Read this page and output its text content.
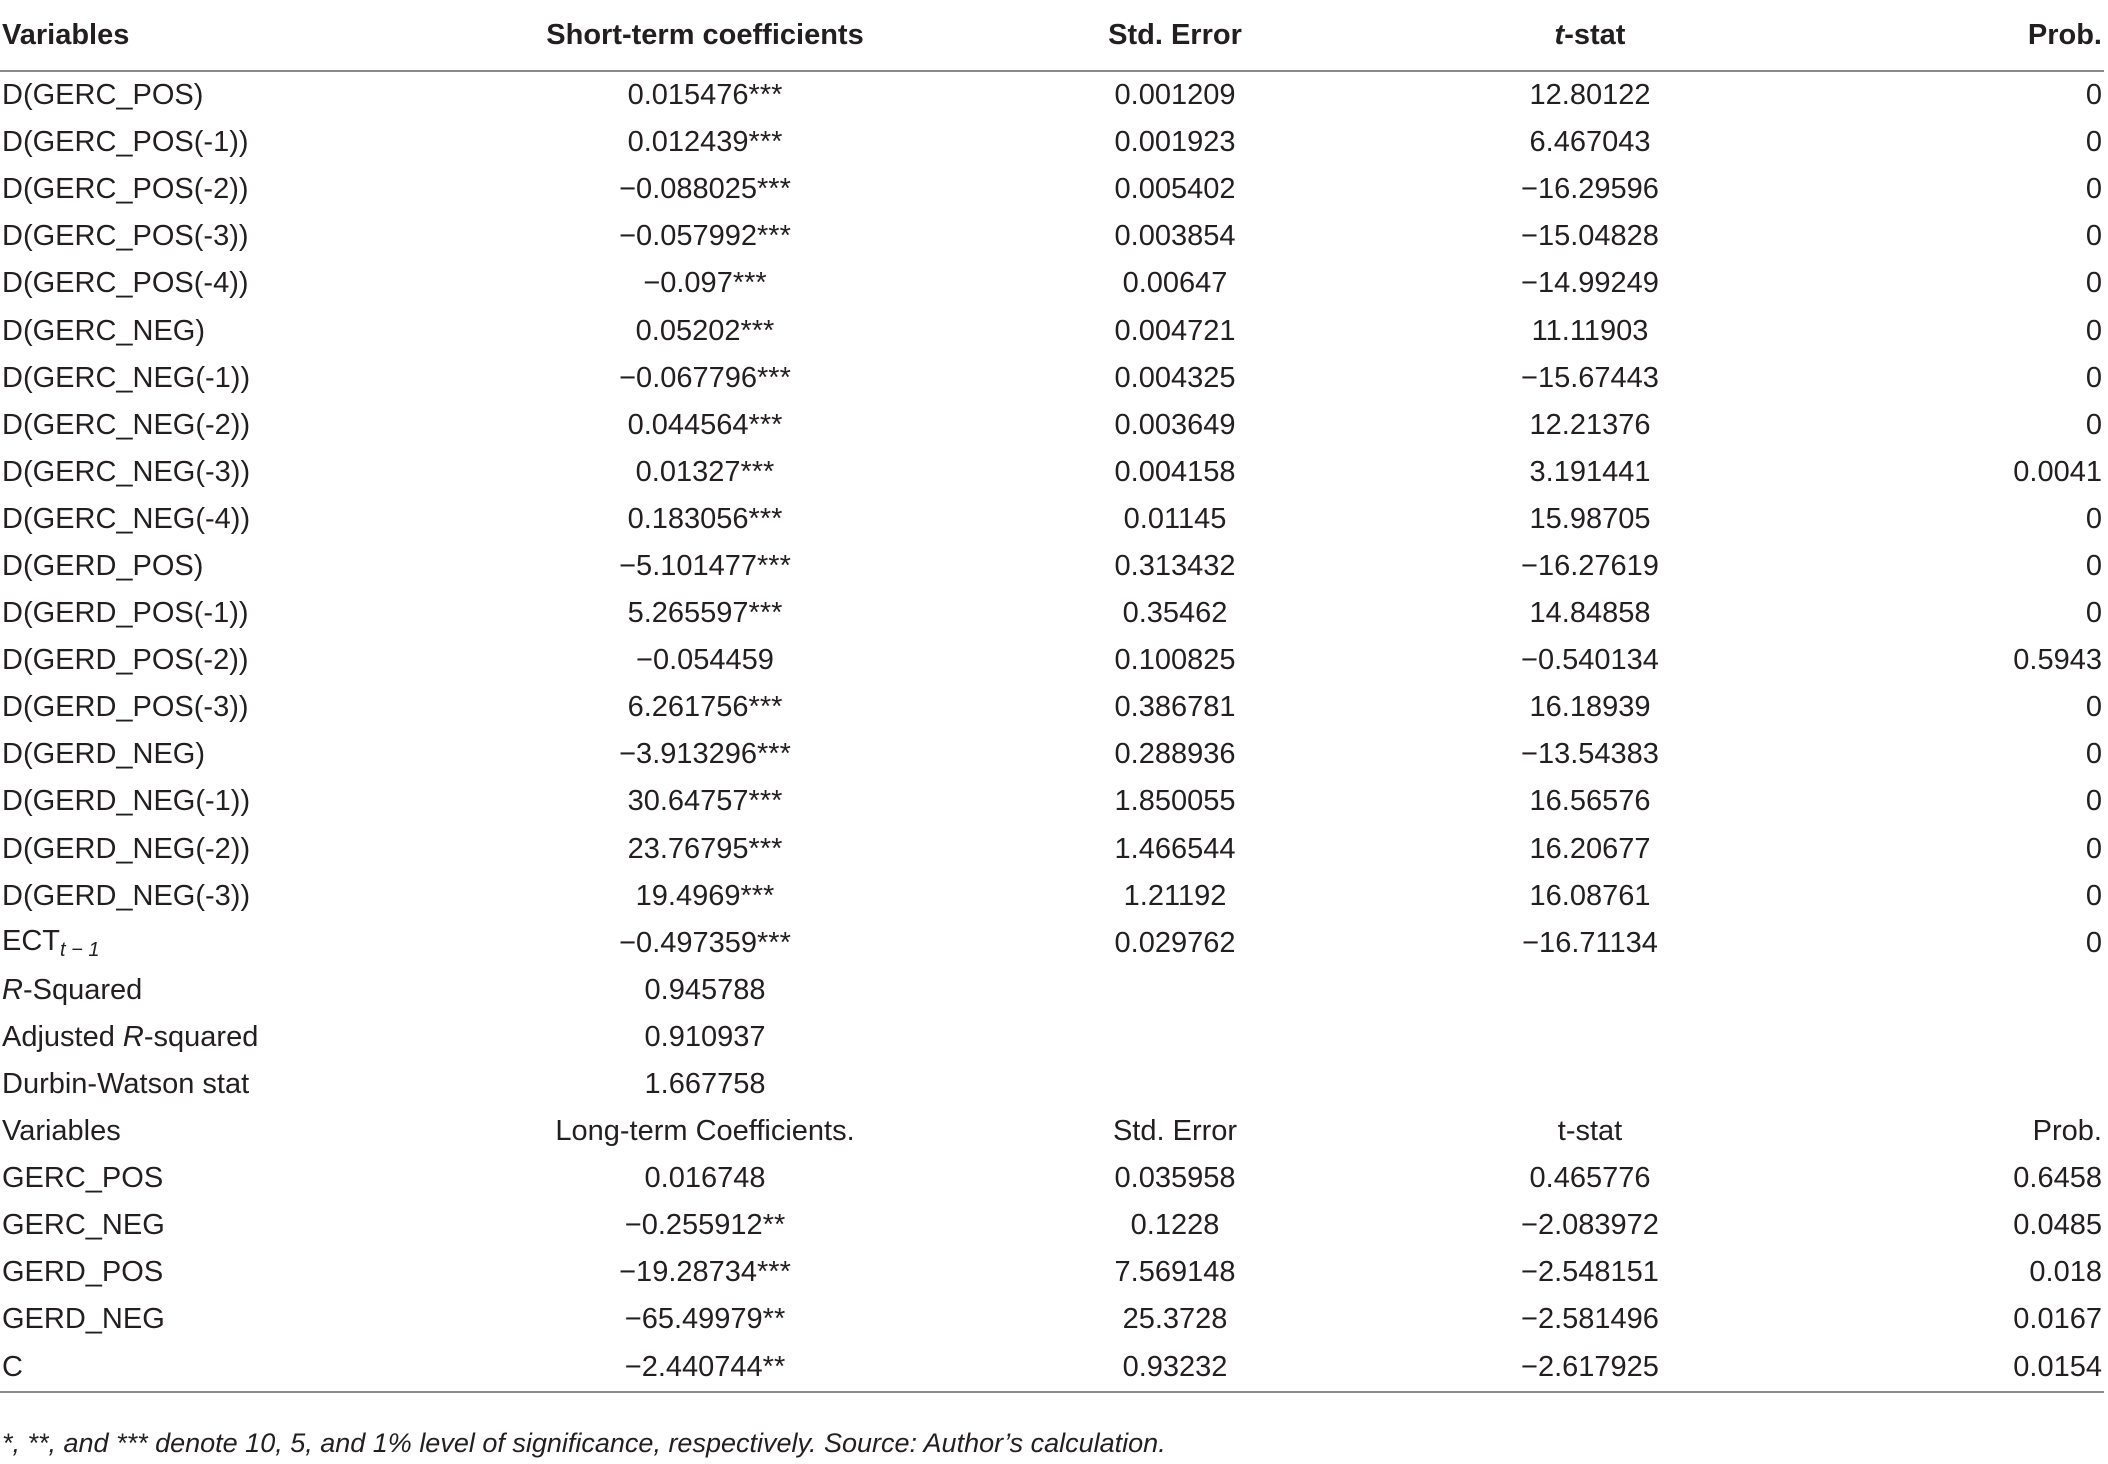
Variables	Short-term coefficients	Std. Error	t-stat	Prob.
D(GERC_POS)	0.015476***	0.001209	12.80122	0
D(GERC_POS(-1))	0.012439***	0.001923	6.467043	0
D(GERC_POS(-2))	−0.088025***	0.005402	−16.29596	0
D(GERC_POS(-3))	−0.057992***	0.003854	−15.04828	0
D(GERC_POS(-4))	−0.097***	0.00647	−14.99249	0
D(GERC_NEG)	0.05202***	0.004721	11.11903	0
D(GERC_NEG(-1))	−0.067796***	0.004325	−15.67443	0
D(GERC_NEG(-2))	0.044564***	0.003649	12.21376	0
D(GERC_NEG(-3))	0.01327***	0.004158	3.191441	0.0041
D(GERC_NEG(-4))	0.183056***	0.01145	15.98705	0
D(GERD_POS)	−5.101477***	0.313432	−16.27619	0
D(GERD_POS(-1))	5.265597***	0.35462	14.84858	0
D(GERD_POS(-2))	−0.054459	0.100825	−0.540134	0.5943
D(GERD_POS(-3))	6.261756***	0.386781	16.18939	0
D(GERD_NEG)	−3.913296***	0.288936	−13.54383	0
D(GERD_NEG(-1))	30.64757***	1.850055	16.56576	0
D(GERD_NEG(-2))	23.76795***	1.466544	16.20677	0
D(GERD_NEG(-3))	19.4969***	1.21192	16.08761	0
$ECT_{t - 1}$	−0.497359***	0.029762	−16.71134	0
R-Squared	0.945788			
Adjusted R-squared	0.910937			
Durbin-Watson stat	1.667758			
Variables	Long-term Coefficients.	Std. Error	t-stat	Prob.
GERC_POS	0.016748	0.035958	0.465776	0.6458
GERC_NEG	−0.255912**	0.1228	−2.083972	0.0485
GERD_POS	−19.28734***	7.569148	−2.548151	0.018
GERD_NEG	−65.49979**	25.3728	−2.581496	0.0167
C	−2.440744**	0.93232	−2.617925	0.0154
*, **, and *** denote 10, 5, and 1% level of significance, respectively. Source: Author’s calculation.
